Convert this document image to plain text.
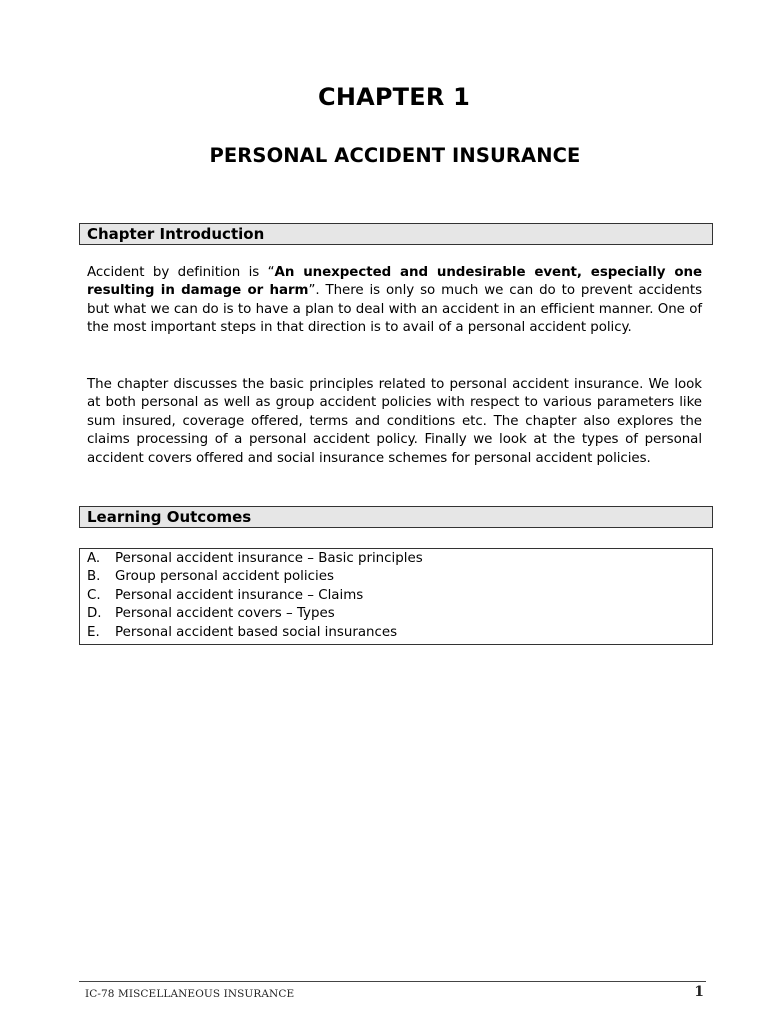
CHAPTER 1
PERSONAL ACCIDENT INSURANCE
Chapter Introduction

Accident by definition is “An unexpected and undesirable event, especially one resulting in damage or harm”. There is only so much we can do to prevent accidents but what we can do is to have a plan to deal with an accident in an efficient manner. One of the most important steps in that direction is to avail of a personal accident policy.

The chapter discusses the basic principles related to personal accident insurance. We look at both personal as well as group accident policies with respect to various parameters like sum insured, coverage offered, terms and conditions etc. The chapter also explores the claims processing of a personal accident policy. Finally we look at the types of personal accident covers offered and social insurance schemes for personal accident policies.

Learning Outcomes
A. Personal accident insurance – Basic principles
B. Group personal accident policies
C. Personal accident insurance – Claims
D. Personal accident covers – Types
E. Personal accident based social insurances
IC-78 MISCELLANEOUS INSURANCE	1
